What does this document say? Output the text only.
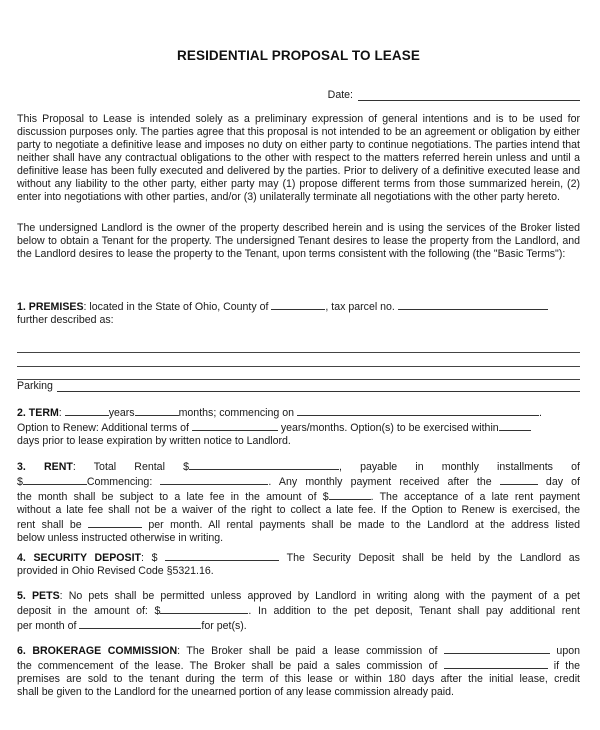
RESIDENTIAL PROPOSAL TO LEASE
Date:
This Proposal to Lease is intended solely as a preliminary expression of general intentions and is to be used for discussion purposes only. The parties agree that this proposal is not intended to be an agreement or obligation by either party to negotiate a definitive lease and imposes no duty on either party to continue negotiations. The parties intend that neither shall have any contractual obligations to the other with respect to the matters referred herein unless and until a definitive lease has been fully executed and delivered by the parties. Prior to delivery of a definitive executed lease and without any liability to the other party, either party may (1) propose different terms from those summarized herein, (2) enter into negotiations with other parties, and/or (3) unilaterally terminate all negotiations with the other party hereto.
The undersigned Landlord is the owner of the property described herein and is using the services of the Broker listed below to obtain a Tenant for the property. The undersigned Tenant desires to lease the property from the Landlord, and the Landlord desires to lease the property to the Tenant, upon terms consistent with the following (the "Basic Terms"):
1. PREMISES: located in the State of Ohio, County of	, tax parcel no.
further described as:
Parking
2. TERM:	years	months; commencing on	.
Option to Renew: Additional terms of	years/months. Option(s) to be exercised within
days prior to lease expiration by written notice to Landlord.
3. RENT: Total Rental $	, payable in monthly installments of
$	Commencing:	. Any monthly payment received after the	day of
the month shall be subject to a late fee in the amount of $	. The acceptance of a late rent payment
without a late fee shall not be a waiver of the right to collect a late fee. If the Option to Renew is exercised, the
rent shall be	per month. All rental payments shall be made to the Landlord at the address listed
below unless instructed otherwise in writing.
4. SECURITY DEPOSIT: $	The Security Deposit shall be held by the Landlord as
provided in Ohio Revised Code §5321.16.
5. PETS: No pets shall be permitted unless approved by Landlord in writing along with the payment of a pet
deposit in the amount of: $	. In addition to the pet deposit, Tenant shall pay additional rent
per month of	for pet(s).
6. BROKERAGE COMMISSION: The Broker shall be paid a lease commission of	upon
the commencement of the lease. The Broker shall be paid a sales commission of	if the
premises are sold to the tenant during the term of this lease or within 180 days after the initial lease, credit
shall be given to the Landlord for the unearned portion of any lease commission already paid.
